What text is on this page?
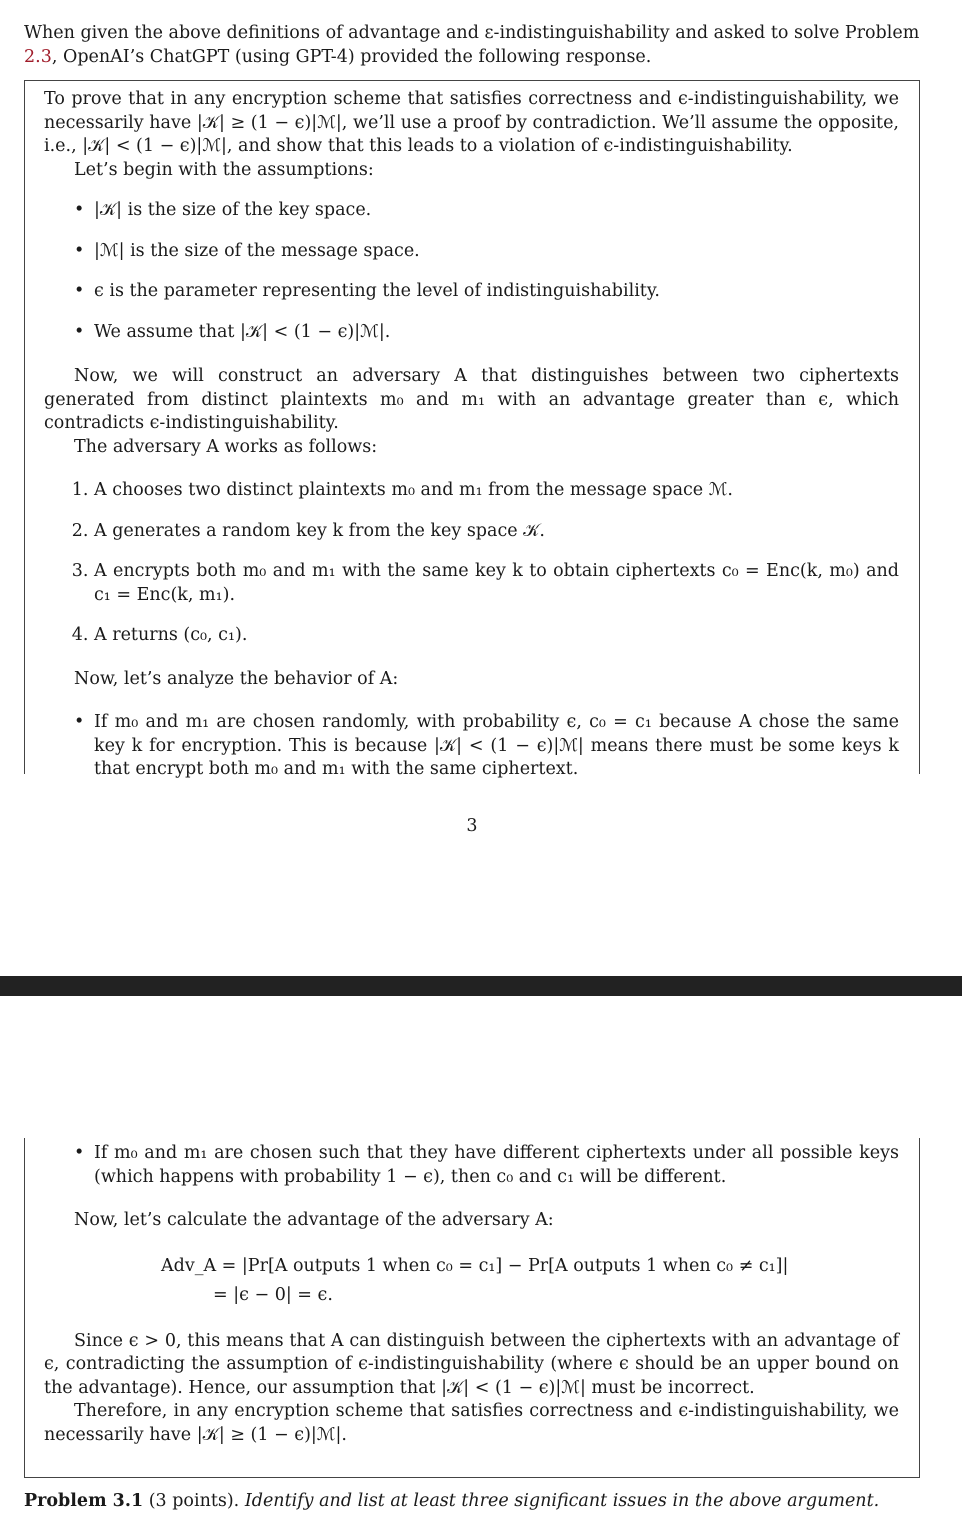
When given the above definitions of advantage and ε-indistinguishability and asked to solve Problem 2.3, OpenAI’s ChatGPT (using GPT-4) provided the following response.

To prove that in any encryption scheme that satisfies correctness and ϵ-indistinguishability, we necessarily have |𝒦| ≥ (1 − ϵ)|ℳ|, we’ll use a proof by contradiction. We’ll assume the opposite, i.e., |𝒦| < (1 − ϵ)|ℳ|, and show that this leads to a violation of ϵ-indistinguishability.

Let’s begin with the assumptions:

• |𝒦| is the size of the key space.
• |ℳ| is the size of the message space.
• ϵ is the parameter representing the level of indistinguishability.
• We assume that |𝒦| < (1 − ϵ)|ℳ|.

Now, we will construct an adversary A that distinguishes between two ciphertexts generated from distinct plaintexts m₀ and m₁ with an advantage greater than ϵ, which contradicts ϵ-indistinguishability.

The adversary A works as follows:

1. A chooses two distinct plaintexts m₀ and m₁ from the message space ℳ.
2. A generates a random key k from the key space 𝒦.
3. A encrypts both m₀ and m₁ with the same key k to obtain ciphertexts c₀ = Enc(k, m₀) and c₁ = Enc(k, m₁).
4. A returns (c₀, c₁).

Now, let’s analyze the behavior of A:

• If m₀ and m₁ are chosen randomly, with probability ϵ, c₀ = c₁ because A chose the same key k for encryption. This is because |𝒦| < (1 − ϵ)|ℳ| means there must be some keys k that encrypt both m₀ and m₁ with the same ciphertext.
3
• If m₀ and m₁ are chosen such that they have different ciphertexts under all possible keys (which happens with probability 1 − ϵ), then c₀ and c₁ will be different.

Now, let’s calculate the advantage of the adversary A:

Adv_A = |Pr[A outputs 1 when c₀ = c₁] − Pr[A outputs 1 when c₀ ≠ c₁]|
= |ϵ − 0| = ϵ.

Since ϵ > 0, this means that A can distinguish between the ciphertexts with an advantage of ϵ, contradicting the assumption of ϵ-indistinguishability (where ϵ should be an upper bound on the advantage). Hence, our assumption that |𝒦| < (1 − ϵ)|ℳ| must be incorrect.

Therefore, in any encryption scheme that satisfies correctness and ϵ-indistinguishability, we necessarily have |𝒦| ≥ (1 − ϵ)|ℳ|.

Problem 3.1 (3 points). Identify and list at least three significant issues in the above argument.
